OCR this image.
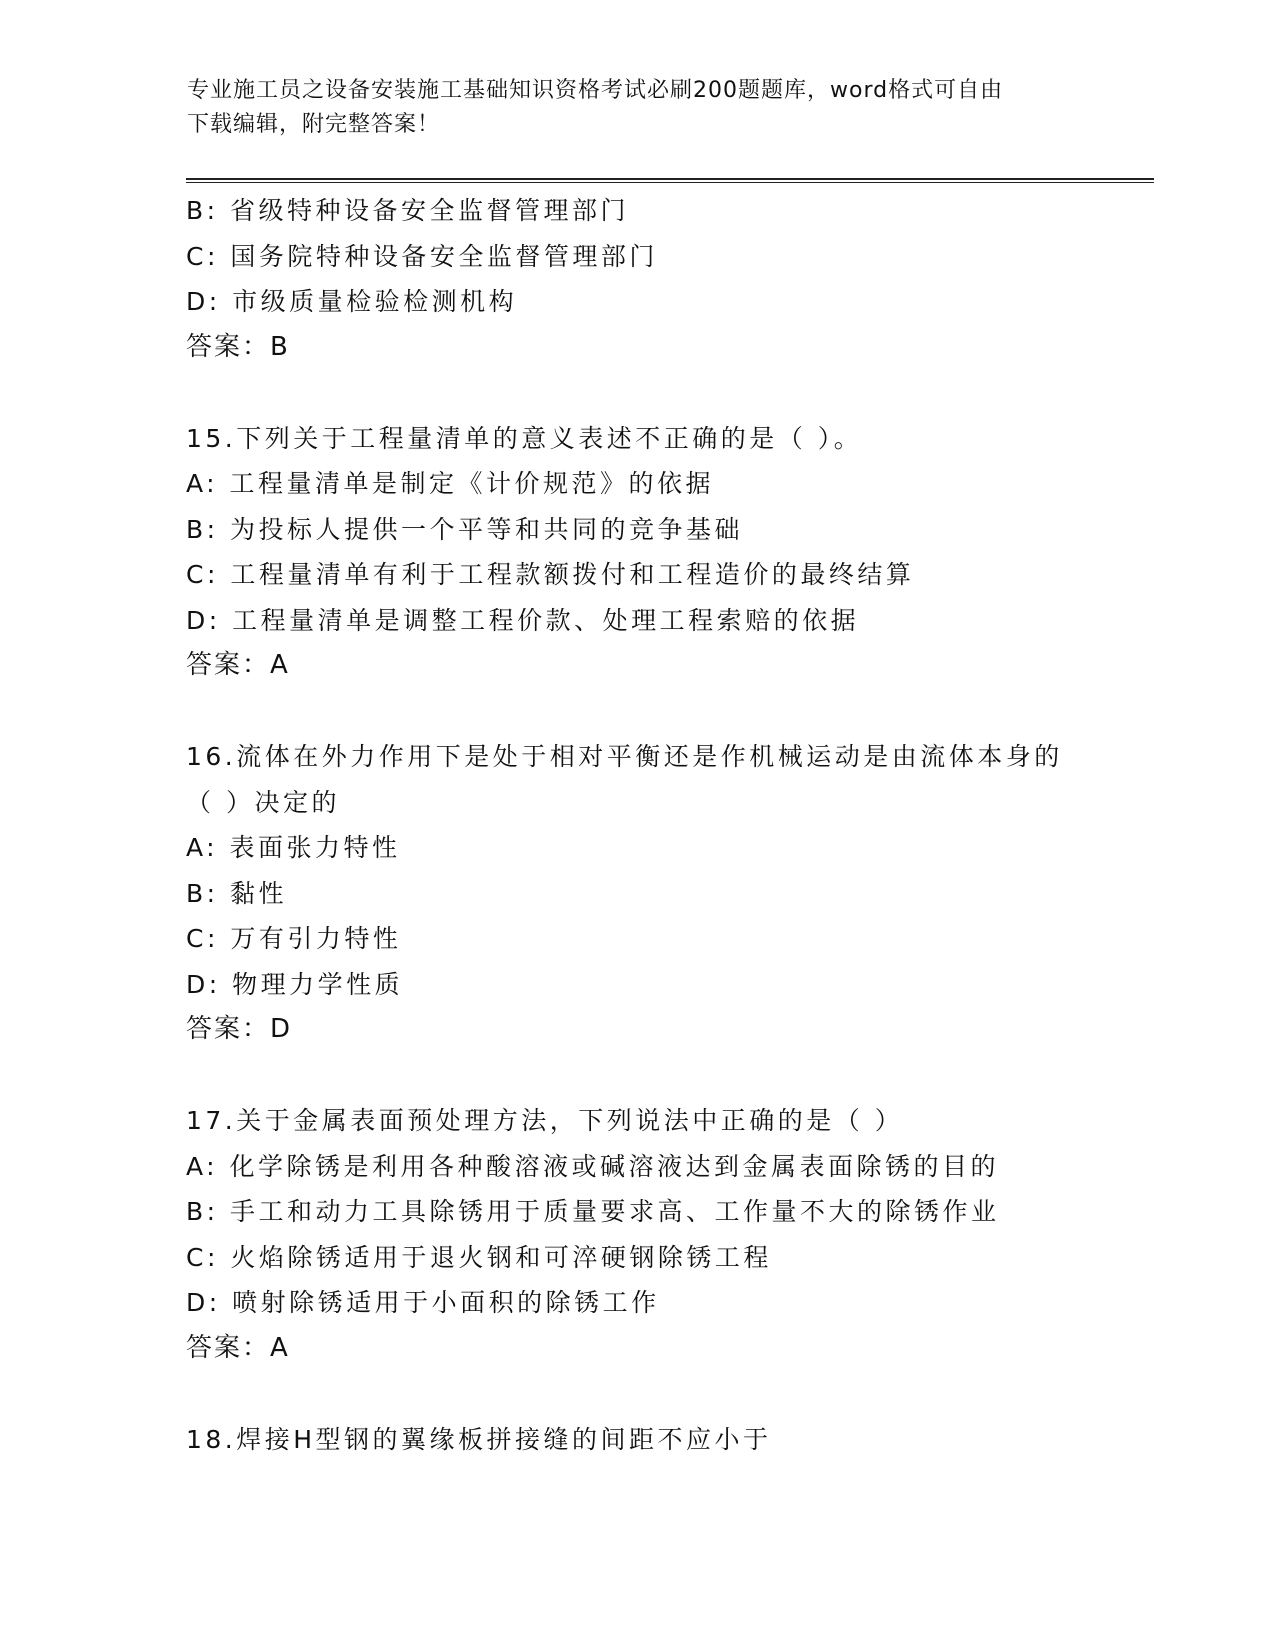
专业施工员之设备安装施工基础知识资格考试必刷200题题库，word格式可自由
下载编辑，附完整答案！
B: 省级特种设备安全监督管理部门
C: 国务院特种设备安全监督管理部门
D: 市级质量检验检测机构
答案：B
15.下列关于工程量清单的意义表述不正确的是（ ）。
A: 工程量清单是制定《计价规范》的依据
B: 为投标人提供一个平等和共同的竞争基础
C: 工程量清单有利于工程款额拨付和工程造价的最终结算
D: 工程量清单是调整工程价款、处理工程索赔的依据
答案：A
16.流体在外力作用下是处于相对平衡还是作机械运动是由流体本身的
（ ）决定的
A: 表面张力特性
B: 黏性
C: 万有引力特性
D: 物理力学性质
答案：D
17.关于金属表面预处理方法，下列说法中正确的是（ ）
A: 化学除锈是利用各种酸溶液或碱溶液达到金属表面除锈的目的
B: 手工和动力工具除锈用于质量要求高、工作量不大的除锈作业
C: 火焰除锈适用于退火钢和可淬硬钢除锈工程
D: 喷射除锈适用于小面积的除锈工作
答案：A
18.焊接H型钢的翼缘板拼接缝的间距不应小于
